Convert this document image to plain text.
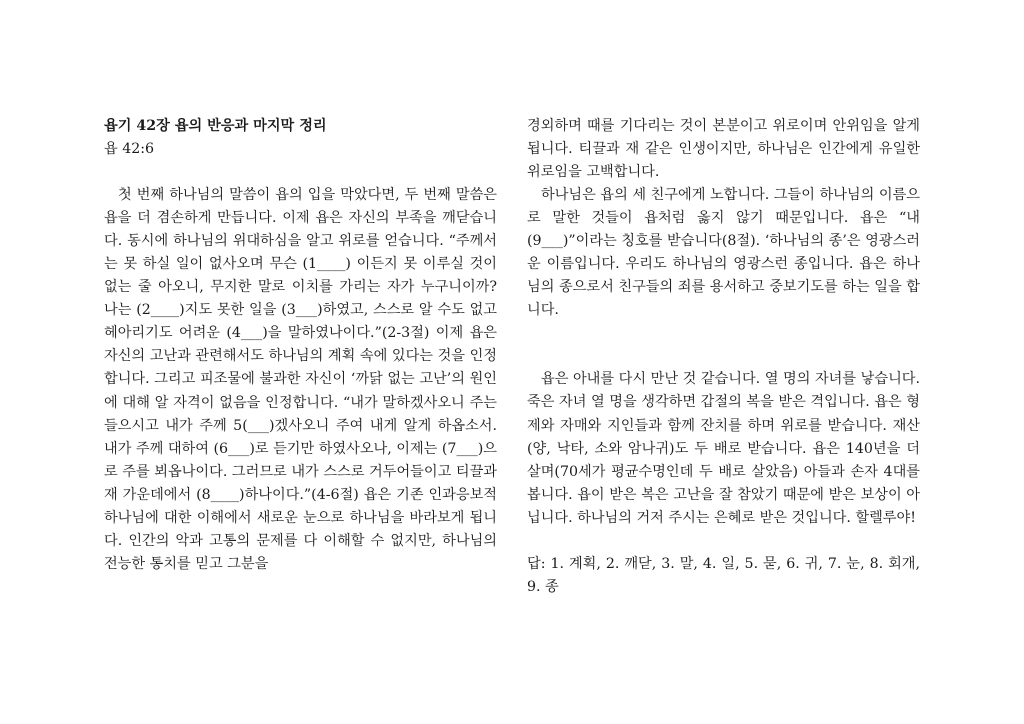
욥기 42장 욥의 반응과 마지막 정리

욥 42:6

첫 번째 하나님의 말씀이 욥의 입을 막았다면, 두 번째 말씀은 욥을 더 겸손하게 만듭니다. 이제 욥은 자신의 부족을 깨닫습니다. 동시에 하나님의 위대하심을 알고 위로를 얻습니다. “주께서는 못 하실 일이 없사오며 무슨 (1____) 이든지 못 이루실 것이 없는 줄 아오니, 무지한 말로 이치를 가리는 자가 누구니이까? 나는 (2____)지도 못한 일을 (3___)하였고, 스스로 알 수도 없고 헤아리기도 어려운 (4___)을 말하였나이다.”(2-3절) 이제 욥은 자신의 고난과 관련해서도 하나님의 계획 속에 있다는 것을 인정합니다. 그리고 피조물에 불과한 자신이 ‘까닭 없는 고난’의 원인에 대해 알 자격이 없음을 인정합니다. “내가 말하겠사오니 주는 들으시고 내가 주께 5(___)겠사오니 주여 내게 알게 하옵소서. 내가 주께 대하여 (6___)로 듣기만 하였사오나, 이제는 (7___)으로 주를 뵈옵나이다. 그러므로 내가 스스로 거두어들이고 티끌과 재 가운데에서 (8____)하나이다.”(4-6절) 욥은 기존 인과응보적 하나님에 대한 이해에서 새로운 눈으로 하나님을 바라보게 됩니다. 인간의 악과 고통의 문제를 다 이해할 수 없지만, 하나님의 전능한 통치를 믿고 그분을

경외하며 때를 기다리는 것이 본분이고 위로이며 안위임을 알게 됩니다. 티끌과 재 같은 인생이지만, 하나님은 인간에게 유일한 위로임을 고백합니다.

하나님은 욥의 세 친구에게 노합니다. 그들이 하나님의 이름으로 말한 것들이 욥처럼 옳지 않기 때문입니다. 욥은 “내 (9___)”이라는 칭호를 받습니다(8절). ‘하나님의 종’은 영광스러운 이름입니다. 우리도 하나님의 영광스런 종입니다. 욥은 하나님의 종으로서 친구들의 죄를 용서하고 중보기도를 하는 일을 합니다.

욥은 아내를 다시 만난 것 같습니다. 열 명의 자녀를 낳습니다. 죽은 자녀 열 명을 생각하면 갑절의 복을 받은 격입니다. 욥은 형제와 자매와 지인들과 함께 잔치를 하며 위로를 받습니다. 재산(양, 낙타, 소와 암나귀)도 두 배로 받습니다. 욥은 140년을 더 살며(70세가 평균수명인데 두 배로 살았음) 아들과 손자 4대를 봅니다. 욥이 받은 복은 고난을 잘 참았기 때문에 받은 보상이 아닙니다. 하나님의 거저 주시는 은혜로 받은 것입니다. 할렐루야!

답: 1. 계획, 2. 깨닫, 3. 말, 4. 일, 5. 묻, 6. 귀, 7. 눈, 8. 회개, 9. 종
